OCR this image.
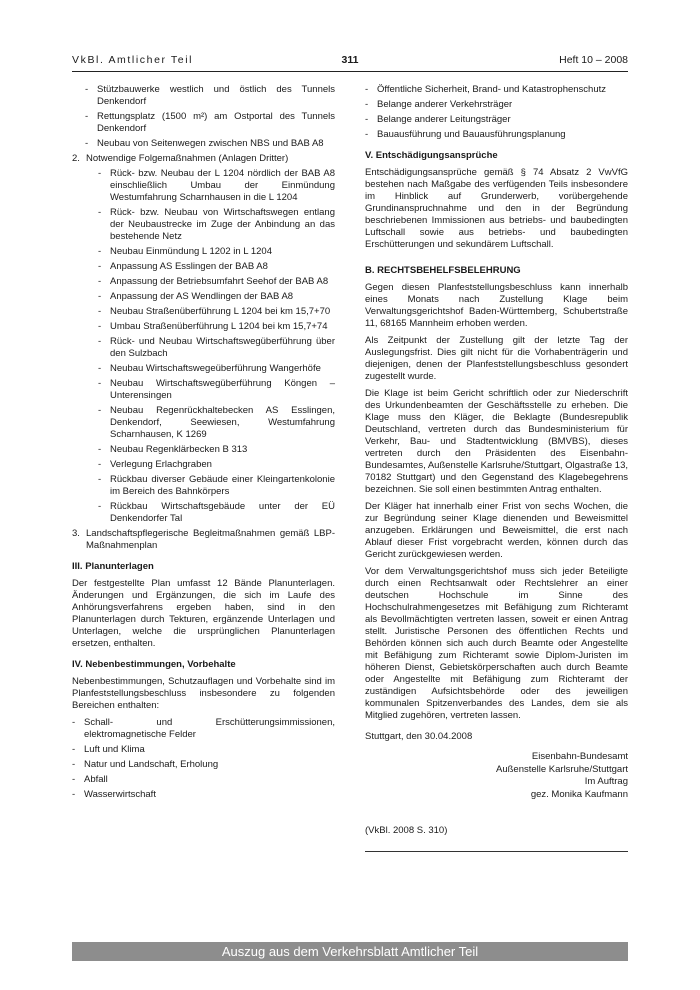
VkBl. Amtlicher Teil	311	Heft 10 – 2008
- Stützbauwerke westlich und östlich des Tunnels Denkendorf
- Rettungsplatz (1500 m²) am Ostportal des Tunnels Denkendorf
- Neubau von Seitenwegen zwischen NBS und BAB A8
2. Notwendige Folgemaßnahmen (Anlagen Dritter)
- Rück- bzw. Neubau der L 1204 nördlich der BAB A8 einschließlich Umbau der Einmündung Westumfahrung Scharnhausen in die L 1204
- Rück- bzw. Neubau von Wirtschaftswegen entlang der Neubaustrecke im Zuge der Anbindung an das bestehende Netz
- Neubau Einmündung L 1202 in L 1204
- Anpassung AS Esslingen der BAB A8
- Anpassung der Betriebsumfahrt Seehof der BAB A8
- Anpassung der AS Wendlingen der BAB A8
- Neubau Straßenüberführung L 1204 bei km 15,7+70
- Umbau Straßenüberführung L 1204 bei km 15,7+74
- Rück- und Neubau Wirtschaftswegüberführung über den Sulzbach
- Neubau Wirtschaftswegeüberführung Wangerhöfe
- Neubau Wirtschaftswegüberführung Köngen – Unterensingen
- Neubau Regenrückhaltebecken AS Esslingen, Denkendorf, Seewiesen, Westumfahrung Scharnhausen, K 1269
- Neubau Regenklärbecken B 313
- Verlegung Erlachgraben
- Rückbau diverser Gebäude einer Kleingartenkolonie im Bereich des Bahnkörpers
- Rückbau Wirtschaftsgebäude unter der EÜ Denkendorfer Tal
3. Landschaftspflegerische Begleitmaßnahmen gemäß LBP-Maßnahmenplan
III. Planunterlagen

Der festgestellte Plan umfasst 12 Bände Planunterlagen. Änderungen und Ergänzungen, die sich im Laufe des Anhörungsverfahrens ergeben haben, sind in den Planunterlagen durch Tekturen, ergänzende Unterlagen und Unterlagen, welche die ursprünglichen Planunterlagen ersetzen, enthalten.

IV. Nebenbestimmungen, Vorbehalte

Nebenbestimmungen, Schutzauflagen und Vorbehalte sind im Planfeststellungsbeschluss insbesondere zu folgenden Bereichen enthalten:

- Schall- und Erschütterungsimmissionen, elektromagnetische Felder
- Luft und Klima
- Natur und Landschaft, Erholung
- Abfall
- Wasserwirtschaft
- Öffentliche Sicherheit, Brand- und Katastrophenschutz
- Belange anderer Verkehrsträger
- Belange anderer Leitungsträger
- Bauausführung und Bauausführungsplanung
V. Entschädigungsansprüche

Entschädigungsansprüche gemäß § 74 Absatz 2 VwVfG bestehen nach Maßgabe des verfügenden Teils insbesondere im Hinblick auf Grunderwerb, vorübergehende Grundinanspruchnahme und den in der Begründung beschriebenen Immissionen aus betriebs- und baubedingten Luftschall sowie aus betriebs- und baubedingten Erschütterungen und sekundärem Luftschall.

B. RECHTSBEHELFSBELEHRUNG

Gegen diesen Planfeststellungsbeschluss kann innerhalb eines Monats nach Zustellung Klage beim Verwaltungsgerichtshof Baden-Württemberg, Schubertstraße 11, 68165 Mannheim erhoben werden.

Als Zeitpunkt der Zustellung gilt der letzte Tag der Auslegungsfrist. Dies gilt nicht für die Vorhabenträgerin und diejenigen, denen der Planfeststellungsbeschluss gesondert zugestellt wurde.

Die Klage ist beim Gericht schriftlich oder zur Niederschrift des Urkundenbeamten der Geschäftsstelle zu erheben. Die Klage muss den Kläger, die Beklagte (Bundesrepublik Deutschland, vertreten durch das Bundesministerium für Verkehr, Bau- und Stadtentwicklung (BMVBS), dieses vertreten durch den Präsidenten des Eisenbahn-Bundesamtes, Außenstelle Karlsruhe/Stuttgart, Olgastraße 13, 70182 Stuttgart) und den Gegenstand des Klagebegehrens bezeichnen. Sie soll einen bestimmten Antrag enthalten.

Der Kläger hat innerhalb einer Frist von sechs Wochen, die zur Begründung seiner Klage dienenden und Beweismittel anzugeben. Erklärungen und Beweismittel, die erst nach Ablauf dieser Frist vorgebracht werden, können durch das Gericht zurückgewiesen werden.

Vor dem Verwaltungsgerichtshof muss sich jeder Beteiligte durch einen Rechtsanwalt oder Rechtslehrer an einer deutschen Hochschule im Sinne des Hochschulrahmengesetzes mit Befähigung zum Richteramt als Bevollmächtigten vertreten lassen, soweit er einen Antrag stellt. Juristische Personen des öffentlichen Rechts und Behörden können sich auch durch Beamte oder Angestellte mit Befähigung zum Richteramt sowie Diplom-Juristen im höheren Dienst, Gebietskörperschaften auch durch Beamte oder Angestellte mit Befähigung zum Richteramt der zuständigen Aufsichtsbehörde oder des jeweiligen kommunalen Spitzenverbandes des Landes, dem sie als Mitglied zugehören, vertreten lassen.

Stuttgart, den 30.04.2008

Eisenbahn-Bundesamt
Außenstelle Karlsruhe/Stuttgart
Im Auftrag
gez. Monika Kaufmann

(VkBl. 2008 S. 310)

Auszug aus dem Verkehrsblatt Amtlicher Teil
